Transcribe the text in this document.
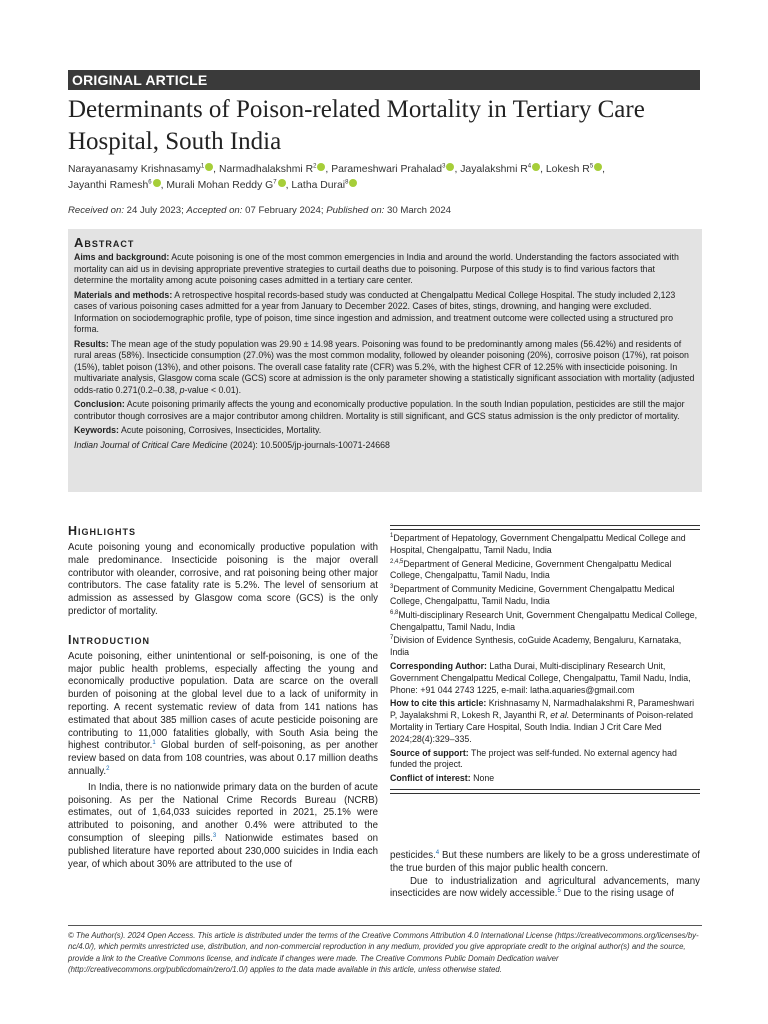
ORIGINAL ARTICLE
Determinants of Poison-related Mortality in Tertiary Care Hospital, South India
Narayanasamy Krishnasamy$^1$ , Narmadhalakshmi $R^2$ , Parameshwari Prahalad$^3$ , Jayalakshmi $R^4$ , Lokesh $R^5$ ,
Jayanthi Ramesh$^6$ , Murali Mohan Reddy $G^7$ , Latha Durai$^8$
Received on: 24 July 2023; Accepted on: 07 February 2024; Published on: 30 March 2024
Abstract

Aims and background: Acute poisoning is one of the most common emergencies in India and around the world. Understanding the factors associated with mortality can aid us in devising appropriate preventive strategies to curtail deaths due to poisoning. Purpose of this study is to find various factors that determine the mortality among acute poisoning cases admitted in a tertiary care center.

Materials and methods: A retrospective hospital records-based study was conducted at Chengalpattu Medical College Hospital. The study included 2,123 cases of various poisoning cases admitted for a year from January to December 2022. Cases of bites, stings, drowning, and hanging were excluded. Information on sociodemographic profile, type of poison, time since ingestion and admission, and treatment outcome were collected using a structured pro forma.

Results: The mean age of the study population was 29.90 ± 14.98 years. Poisoning was found to be predominantly among males (56.42%) and residents of rural areas (58%). Insecticide consumption (27.0%) was the most common modality, followed by oleander poisoning (20%), corrosive poison (17%), rat poison (15%), tablet poison (13%), and other poisons. The overall case fatality rate (CFR) was 5.2%, with the highest CFR of 12.25% with insecticide poisoning. In multivariate analysis, Glasgow coma scale (GCS) score at admission is the only parameter showing a statistically significant association with mortality (adjusted odds-ratio 0.271(0.2–0.38, p-value < 0.01).

Conclusion: Acute poisoning primarily affects the young and economically productive population. In the south Indian population, pesticides are still the major contributor though corrosives are a major contributor among children. Mortality is still significant, and GCS status admission is the only predictor of mortality.

Keywords: Acute poisoning, Corrosives, Insecticides, Mortality.

Indian Journal of Critical Care Medicine (2024): 10.5005/jp-journals-10071-24668

Highlights
Acute poisoning young and economically productive population with male predominance. Insecticide poisoning is the major overall contributor with oleander, corrosive, and rat poisoning being other major contributors. The case fatality rate is 5.2%. The level of sensorium at admission as assessed by Glasgow coma score (GCS) is the only predictor of mortality.
Introduction
Acute poisoning, either unintentional or self-poisoning, is one of the major public health problems, especially affecting the young and economically productive population. Data are scarce on the overall burden of poisoning at the global level due to a lack of uniformity in reporting. A recent systematic review of data from 141 nations has estimated that about 385 million cases of acute pesticide poisoning are contributing to 11,000 fatalities globally, with South Asia being the highest contributor.$^1$ Global burden of self-poisoning, as per another review based on data from 108 countries, was about 0.17 million deaths annually.$^2$
In India, there is no nationwide primary data on the burden of acute poisoning. As per the National Crime Records Bureau (NCRB) estimates, out of 1,64,033 suicides reported in 2021, 25.1% were attributed to poisoning, and another 0.4% were attributed to the consumption of sleeping pills.$^3$ Nationwide estimates based on published literature have reported about 230,000 suicides in India each year, of which about 30% are attributed to the use of

$^1$Department of Hepatology, Government Chengalpattu Medical College and Hospital, Chengalpattu, Tamil Nadu, India

$^{2,4,5}$Department of General Medicine, Government Chengalpattu Medical College, Chengalpattu, Tamil Nadu, India

$^3$Department of Community Medicine, Government Chengalpattu Medical College, Chengalpattu, Tamil Nadu, India

$^{6,8}$Multi-disciplinary Research Unit, Government Chengalpattu Medical College, Chengalpattu, Tamil Nadu, India

$^7$Division of Evidence Synthesis, coGuide Academy, Bengaluru, Karnataka, India

Corresponding Author: Latha Durai, Multi-disciplinary Research Unit, Government Chengalpattu Medical College, Chengalpattu, Tamil Nadu, India, Phone: +91 044 2743 1225, e-mail: latha.aquaries@gmail.com

How to cite this article: Krishnasamy N, Narmadhalakshmi R, Parameshwari P, Jayalakshmi R, Lokesh R, Jayanthi R, et al. Determinants of Poison-related Mortality in Tertiary Care Hospital, South India. Indian J Crit Care Med 2024;28(4):329–335.

Source of support: The project was self-funded. No external agency had funded the project.

Conflict of interest: None

pesticides.$^4$ But these numbers are likely to be a gross underestimate of the true burden of this major public health concern.
Due to industrialization and agricultural advancements, many insecticides are now widely accessible.$^5$ Due to the rising usage of
© The Author(s). 2024 Open Access. This article is distributed under the terms of the Creative Commons Attribution 4.0 International License (https://creativecommons.org/licenses/by-nc/4.0/), which permits unrestricted use, distribution, and non-commercial reproduction in any medium, provided you give appropriate credit to the original author(s) and the source, provide a link to the Creative Commons license, and indicate if changes were made. The Creative Commons Public Domain Dedication waiver (http://creativecommons.org/publicdomain/zero/1.0/) applies to the data made available in this article, unless otherwise stated.
